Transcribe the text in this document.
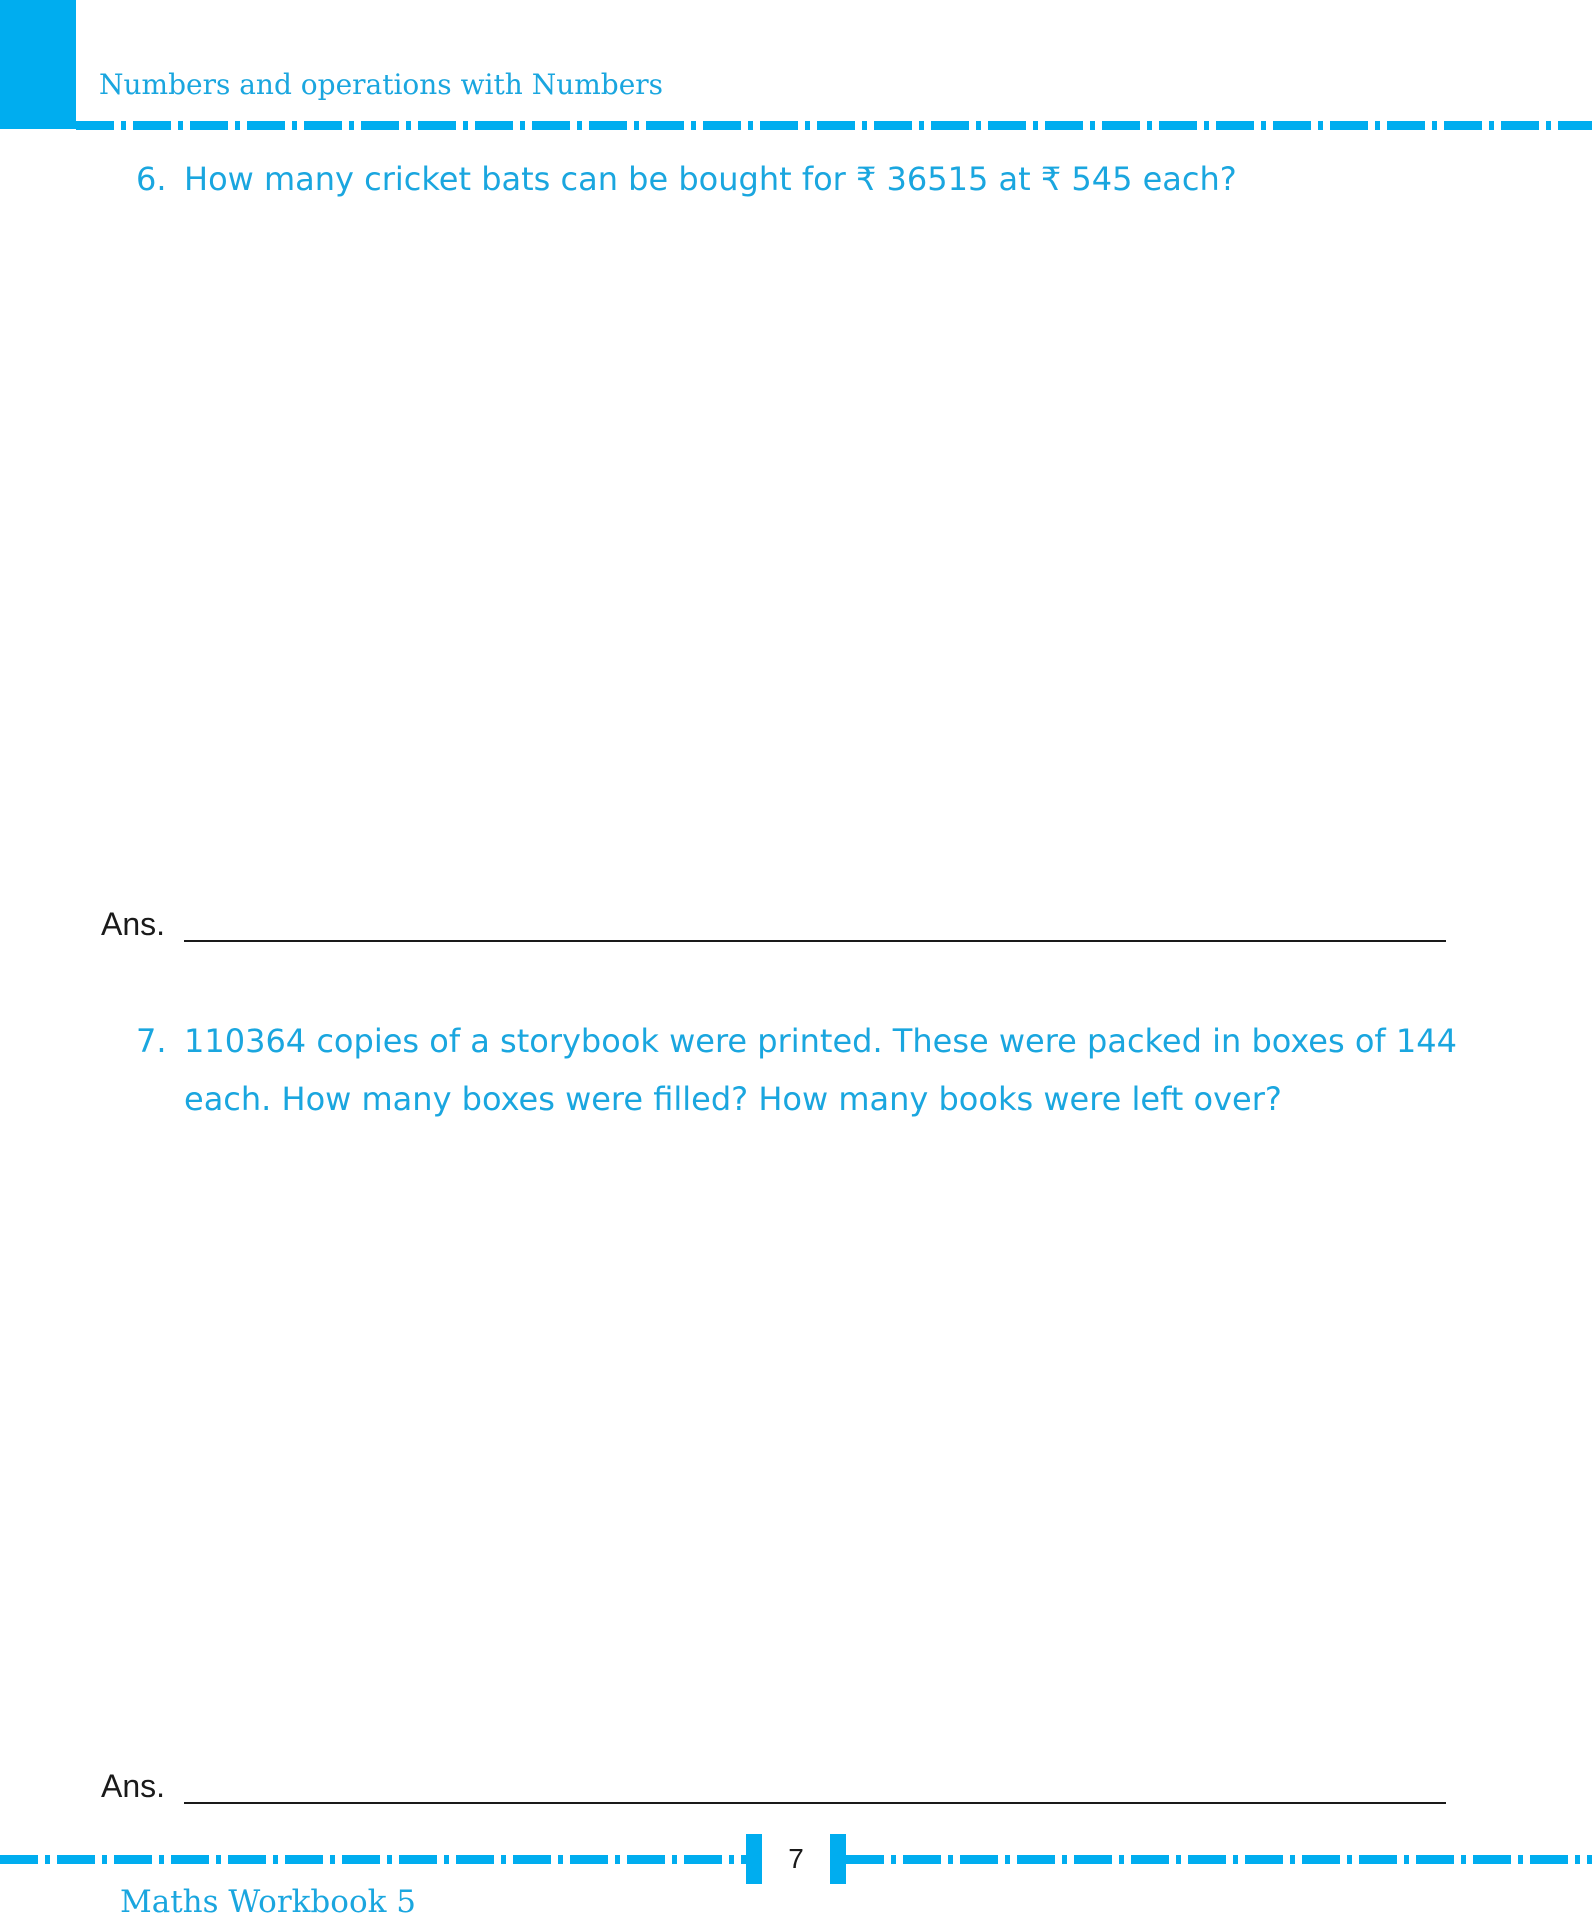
Numbers and operations with Numbers
6. How many cricket bats can be bought for ₹ 36515 at ₹ 545 each?
Ans.
7. 110364 copies of a storybook were printed. These were packed in boxes of 144
each. How many boxes were filled? How many books were left over?
Ans.
7
Maths Workbook 5
